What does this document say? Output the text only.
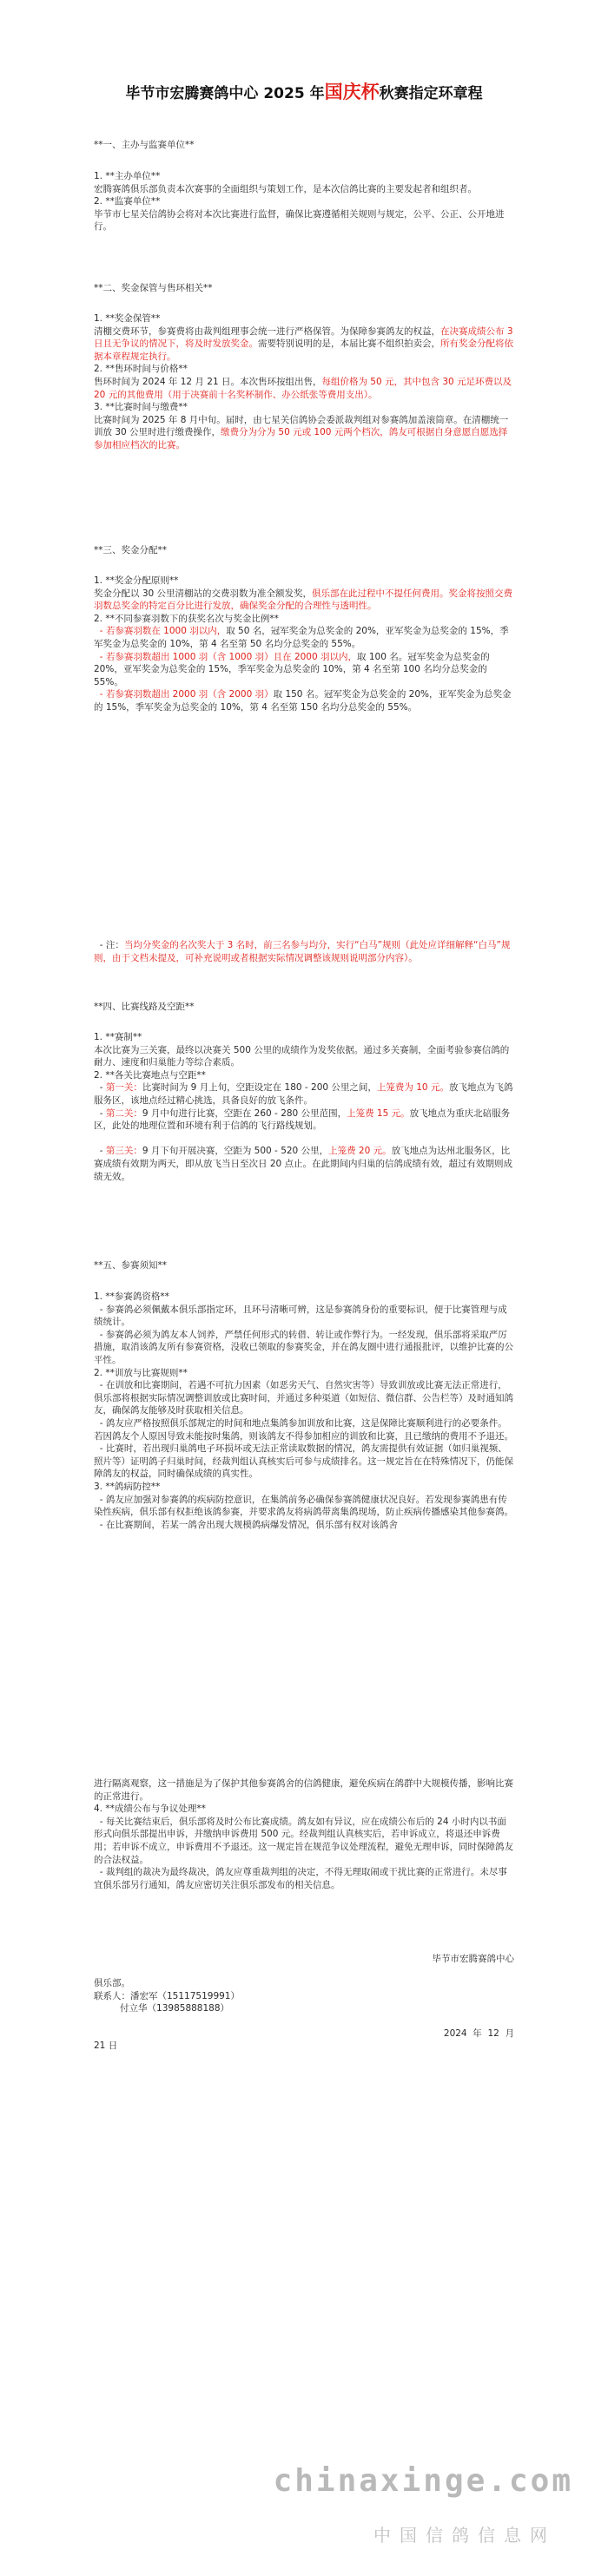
毕节市宏腾赛鸽中心 2025 年国庆杯秋赛指定环章程
**一、主办与监赛单位**
1. **主办单位**
宏腾赛鸽俱乐部负责本次赛事的全面组织与策划工作，是本次信鸽比赛的主要发起者和组织者。
2. **监赛单位**
毕节市七星关信鸽协会将对本次比赛进行监督，确保比赛遵循相关规则与规定，公平、公正、公开地进行。
**二、奖金保管与售环相关**
1. **奖金保管**
清棚交费环节，参赛费将由裁判组理事会统一进行严格保管。为保障参赛鸽友的权益，在决赛成绩公布 3 日且无争议的情况下，将及时发放奖金。需要特别说明的是，本届比赛不组织拍卖会，所有奖金分配将依据本章程规定执行。
2. **售环时间与价格**
售环时间为 2024 年 12 月 21 日。本次售环按组出售，每组价格为 50 元，其中包含 30 元足环费以及 20 元的其他费用（用于决赛前十名奖杯制作、办公纸张等费用支出）。
3. **比赛时间与缴费**
比赛时间为 2025 年 8 月中旬。届时，由七星关信鸽协会委派裁判组对参赛鸽加盖滚筒章。在清棚统一训放 30 公里时进行缴费操作，缴费分为分为 50 元或 100 元两个档次，鸽友可根据自身意愿自愿选择参加相应档次的比赛。
**三、奖金分配**
1. **奖金分配原则**
奖金分配以 30 公里清棚站的交费羽数为准全额发奖，俱乐部在此过程中不提任何费用。奖金将按照交费羽数总奖金的特定百分比进行发放，确保奖金分配的合理性与透明性。
2. **不同参赛羽数下的获奖名次与奖金比例**
- 若参赛羽数在 1000 羽以内，取 50 名，冠军奖金为总奖金的 20%，亚军奖金为总奖金的 15%，季军奖金为总奖金的 10%，第 4 名至第 50 名均分总奖金的 55%。
- 若参赛羽数超出 1000 羽（含 1000 羽）且在 2000 羽以内，取 100 名。冠军奖金为总奖金的 20%，亚军奖金为总奖金的 15%，季军奖金为总奖金的 10%，第 4 名至第 100 名均分总奖金的 55%。
- 若参赛羽数超出 2000 羽（含 2000 羽）取 150 名。冠军奖金为总奖金的 20%，亚军奖金为总奖金的 15%，季军奖金为总奖金的 10%，第 4 名至第 150 名均分总奖金的 55%。
- 注：当均分奖金的名次奖大于 3 名时，前三名参与均分，实行“白马”规则（此处应详细解释“白马”规则，由于文档未提及，可补充说明或者根据实际情况调整该规则说明部分内容）。
**四、比赛线路及空距**
1. **赛制**
本次比赛为三关赛，最终以决赛关 500 公里的成绩作为发奖依据。通过多关赛制，全面考验参赛信鸽的耐力、速度和归巢能力等综合素质。
2. **各关比赛地点与空距**
- 第一关：比赛时间为 9 月上旬，空距设定在 180 - 200 公里之间，上笼费为 10 元。放飞地点为飞鸽服务区，该地点经过精心挑选，具备良好的放飞条件。
- 第二关：9 月中旬进行比赛，空距在 260 - 280 公里范围，上笼费 15 元。放飞地点为重庆北碚服务区，此处的地理位置和环境有利于信鸽的飞行路线规划。

- 第三关：9 月下旬开展决赛，空距为 500 - 520 公里，上笼费 20 元。放飞地点为达州北服务区，比赛成绩有效期为两天，即从放飞当日至次日 20 点止。在此期间内归巢的信鸽成绩有效，超过有效期则成绩无效。
**五、参赛须知**
1. **参赛鸽资格**
- 参赛鸽必须佩戴本俱乐部指定环，且环号清晰可辨，这是参赛鸽身份的重要标识，便于比赛管理与成绩统计。
- 参赛鸽必须为鸽友本人饲养，严禁任何形式的转借、转让或作弊行为。一经发现，俱乐部将采取严厉措施，取消该鸽友所有参赛资格，没收已领取的参赛奖金，并在鸽友圈中进行通报批评，以维护比赛的公平性。
2. **训放与比赛规则**
- 在训放和比赛期间，若遇不可抗力因素（如恶劣天气、自然灾害等）导致训放或比赛无法正常进行，俱乐部将根据实际情况调整训放或比赛时间，并通过多种渠道（如短信、微信群、公告栏等）及时通知鸽友，确保鸽友能够及时获取相关信息。
- 鸽友应严格按照俱乐部规定的时间和地点集鸽参加训放和比赛，这是保障比赛顺利进行的必要条件。若因鸽友个人原因导致未能按时集鸽，则该鸽友不得参加相应的训放和比赛，且已缴纳的费用不予退还。
- 比赛时，若出现归巢鸽电子环损坏或无法正常读取数据的情况，鸽友需提供有效证据（如归巢视频、照片等）证明鸽子归巢时间，经裁判组认真核实后可参与成绩排名。这一规定旨在在特殊情况下，仍能保障鸽友的权益，同时确保成绩的真实性。
3. **鸽病防控**
- 鸽友应加强对参赛鸽的疾病防控意识，在集鸽前务必确保参赛鸽健康状况良好。若发现参赛鸽患有传染性疾病，俱乐部有权拒绝该鸽参赛，并要求鸽友将病鸽带离集鸽现场，防止疾病传播感染其他参赛鸽。
- 在比赛期间，若某一鸽舍出现大规模鸽病爆发情况，俱乐部有权对该鸽舍
进行隔离观察，这一措施是为了保护其他参赛鸽舍的信鸽健康，避免疾病在鸽群中大规模传播，影响比赛的正常进行。
4. **成绩公布与争议处理**
- 每关比赛结束后，俱乐部将及时公布比赛成绩。鸽友如有异议，应在成绩公布后的 24 小时内以书面形式向俱乐部提出申诉，并缴纳申诉费用 500 元。经裁判组认真核实后，若申诉成立，将退还申诉费用；若申诉不成立，申诉费用不予退还。这一规定旨在规范争议处理流程，避免无理申诉，同时保障鸽友的合法权益。
- 裁判组的裁决为最终裁决，鸽友应尊重裁判组的决定，不得无理取闹或干扰比赛的正常进行。未尽事宜俱乐部另行通知，鸽友应密切关注俱乐部发布的相关信息。
毕节市宏腾赛鸽中心
俱乐部。
联系人：潘宏军（15117519991）
付立华（13985888188）
2024  年  12  月
21 日
chinaxinge.com
中国信鸽信息网
